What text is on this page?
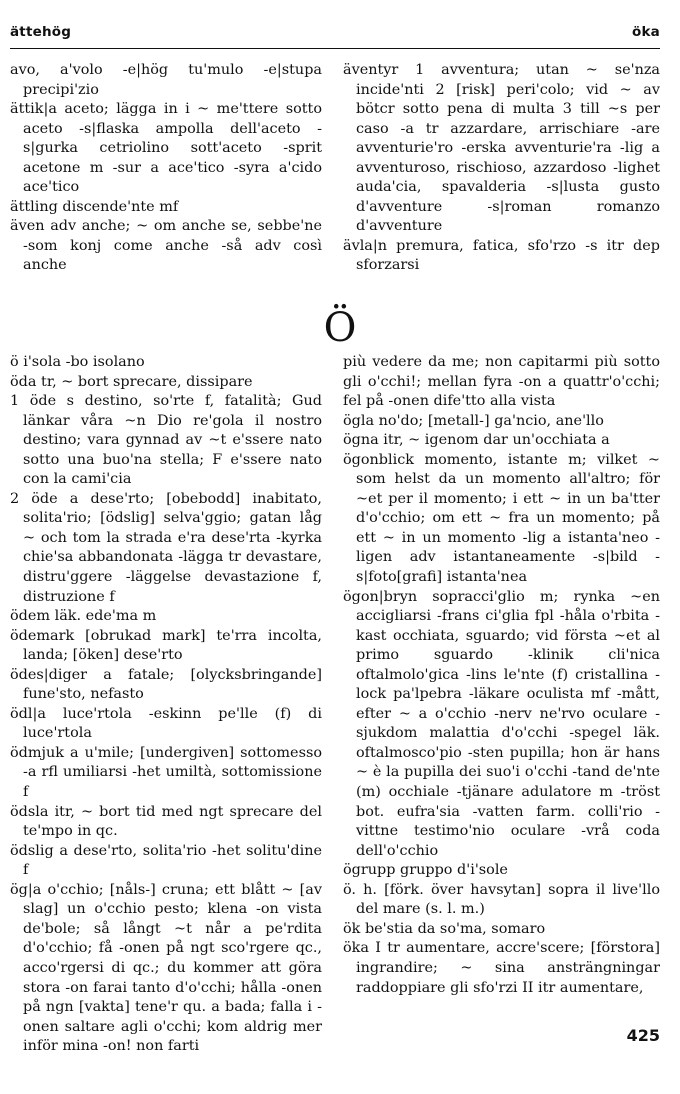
ättehög	öka

avo, a'volo -e|hög tu'mulo -e|stupa precipi'zio

ättik|a aceto; lägga in i ~ me'ttere sotto aceto -s|flaska ampolla dell'aceto -s|gurka cetriolino sott'aceto -sprit acetone m -sur a ace'tico -syra a'cido ace'tico

ättling discende'nte mf

även adv anche; ~ om anche se, sebbe'ne -som konj come anche -så adv così anche

äventyr 1 avventura; utan ~ se'nza incide'nti 2 [risk] peri'colo; vid ~ av bötcr sotto pena di multa 3 till ~s per caso -a tr azzardare, arrischiare -are avventurie'ro -erska avventurie'ra -lig a avventuroso, rischioso, azzardoso -lighet auda'cia, spavalderia -s|lusta gusto d'avventure -s|roman romanzo d'avventure

ävla|n premura, fatica, sfo'rzo -s itr dep sforzarsi

Ö

ö i'sola -bo isolano

öda tr, ~ bort sprecare, dissipare

1 öde s destino, so'rte f, fatalità; Gud länkar våra ~n Dio re'gola il nostro destino; vara gynnad av ~t e'ssere nato sotto una buo'na stella; F e'ssere nato con la cami'cia

2 öde a dese'rto; [obebodd] inabitato, solita'rio; [ödslig] selva'ggio; gatan låg ~ och tom la strada e'ra dese'rta -kyrka chie'sa abbandonata -lägga tr devastare, distru'ggere -läggelse devastazione f, distruzione f

ödem läk. ede'ma m

ödemark [obrukad mark] te'rra incolta, landa; [öken] dese'rto

ödes|diger a fatale; [olycksbringande] fune'sto, nefasto

ödl|a luce'rtola -eskinn pe'lle (f) di luce'rtola

ödmjuk a u'mile; [undergiven] sottomesso -a rfl umiliarsi -het umiltà, sottomissione f

ödsla itr, ~ bort tid med ngt sprecare del te'mpo in qc.

ödslig a dese'rto, solita'rio -het solitu'dine f

ög|a o'cchio; [nåls-] cruna; ett blått ~ [av slag] un o'cchio pesto; klena -on vista de'bole; så långt ~t når a pe'rdita d'o'cchio; få -onen på ngt sco'rgere qc., acco'rgersi di qc.; du kommer att göra stora -on farai tanto d'o'cchi; hålla -onen på ngn [vakta] tene'r qu. a bada; falla i -onen saltare agli o'cchi; kom aldrig mer inför mina -on! non farti

più vedere da me; non capitarmi più sotto gli o'cchi!; mellan fyra -on a quattr'o'cchi; fel på -onen dife'tto alla vista

ögla no'do; [metall-] ga'ncio, ane'llo

ögna itr, ~ igenom dar un'occhiata a

ögonblick momento, istante m; vilket ~ som helst da un momento all'altro; för ~et per il momento; i ett ~ in un ba'tter d'o'cchio; om ett ~ fra un momento; på ett ~ in un momento -lig a istanta'neo -ligen adv istantaneamente -s|bild -s|foto[grafi] istanta'nea

ögon|bryn sopracci'glio m; rynka ~en accigliarsi -frans ci'glia fpl -håla o'rbita -kast occhiata, sguardo; vid första ~et al primo sguardo -klinik cli'nica oftalmolo'gica -lins le'nte (f) cristallina -lock pa'lpebra -läkare oculista mf -mått, efter ~ a o'cchio -nerv ne'rvo oculare -sjukdom malattia d'o'cchi -spegel läk. oftalmosco'pio -sten pupilla; hon är hans ~ è la pupilla dei suo'i o'cchi -tand de'nte (m) occhiale -tjänare adulatore m -tröst bot. eufra'sia -vatten farm. colli'rio -vittne testimo'nio oculare -vrå coda dell'o'cchio

ögrupp gruppo d'i'sole

ö. h. [förk. över havsytan] sopra il live'llo del mare (s. l. m.)

ök be'stia da so'ma, somaro

öka I tr aumentare, accre'scere; [förstora] ingrandire; ~ sina ansträngningar raddoppiare gli sfo'rzi II itr aumentare,

425
